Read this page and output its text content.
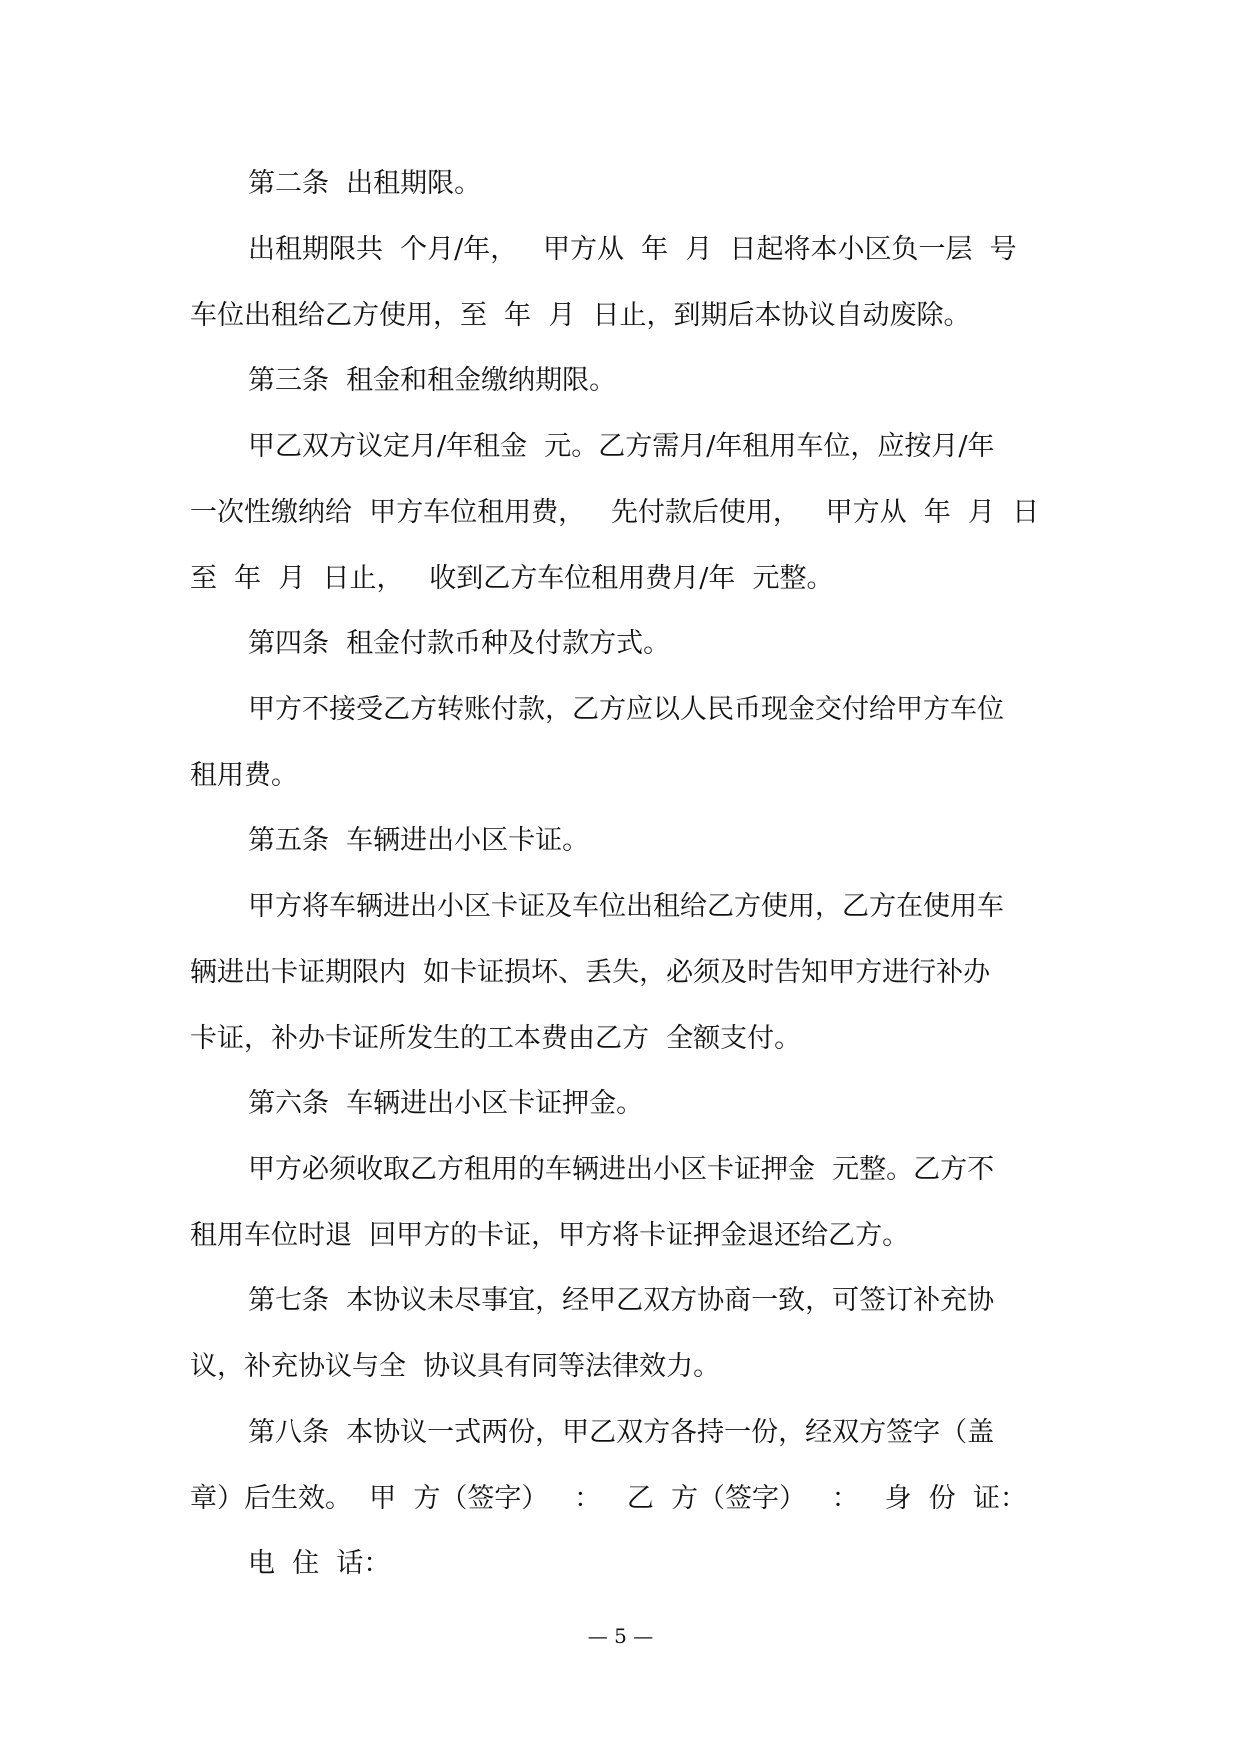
第二条  出租期限。
出租期限共  个月/年，   甲方从  年  月  日起将本小区负一层  号
车位出租给乙方使用，至  年  月  日止，到期后本协议自动废除。
第三条  租金和租金缴纳期限。
甲乙双方议定月/年租金  元。乙方需月/年租用车位，应按月/年
一次性缴纳给  甲方车位租用费，   先付款后使用，   甲方从  年  月  日
至  年  月  日止，   收到乙方车位租用费月/年  元整。
第四条  租金付款币种及付款方式。
甲方不接受乙方转账付款，乙方应以人民币现金交付给甲方车位
租用费。
第五条  车辆进出小区卡证。
甲方将车辆进出小区卡证及车位出租给乙方使用，乙方在使用车
辆进出卡证期限内  如卡证损坏、丢失，必须及时告知甲方进行补办
卡证，补办卡证所发生的工本费由乙方  全额支付。
第六条  车辆进出小区卡证押金。
甲方必须收取乙方租用的车辆进出小区卡证押金  元整。乙方不
租用车位时退  回甲方的卡证，甲方将卡证押金退还给乙方。
第七条  本协议未尽事宜，经甲乙双方协商一致，可签订补充协
议，补充协议与全  协议具有同等法律效力。
第八条  本协议一式两份，甲乙双方各持一份，经双方签字（盖
章）后生效。  甲  方（签字）   ：   乙  方（签字）   ：   身  份  证：
电  住  话：
— 5 —
